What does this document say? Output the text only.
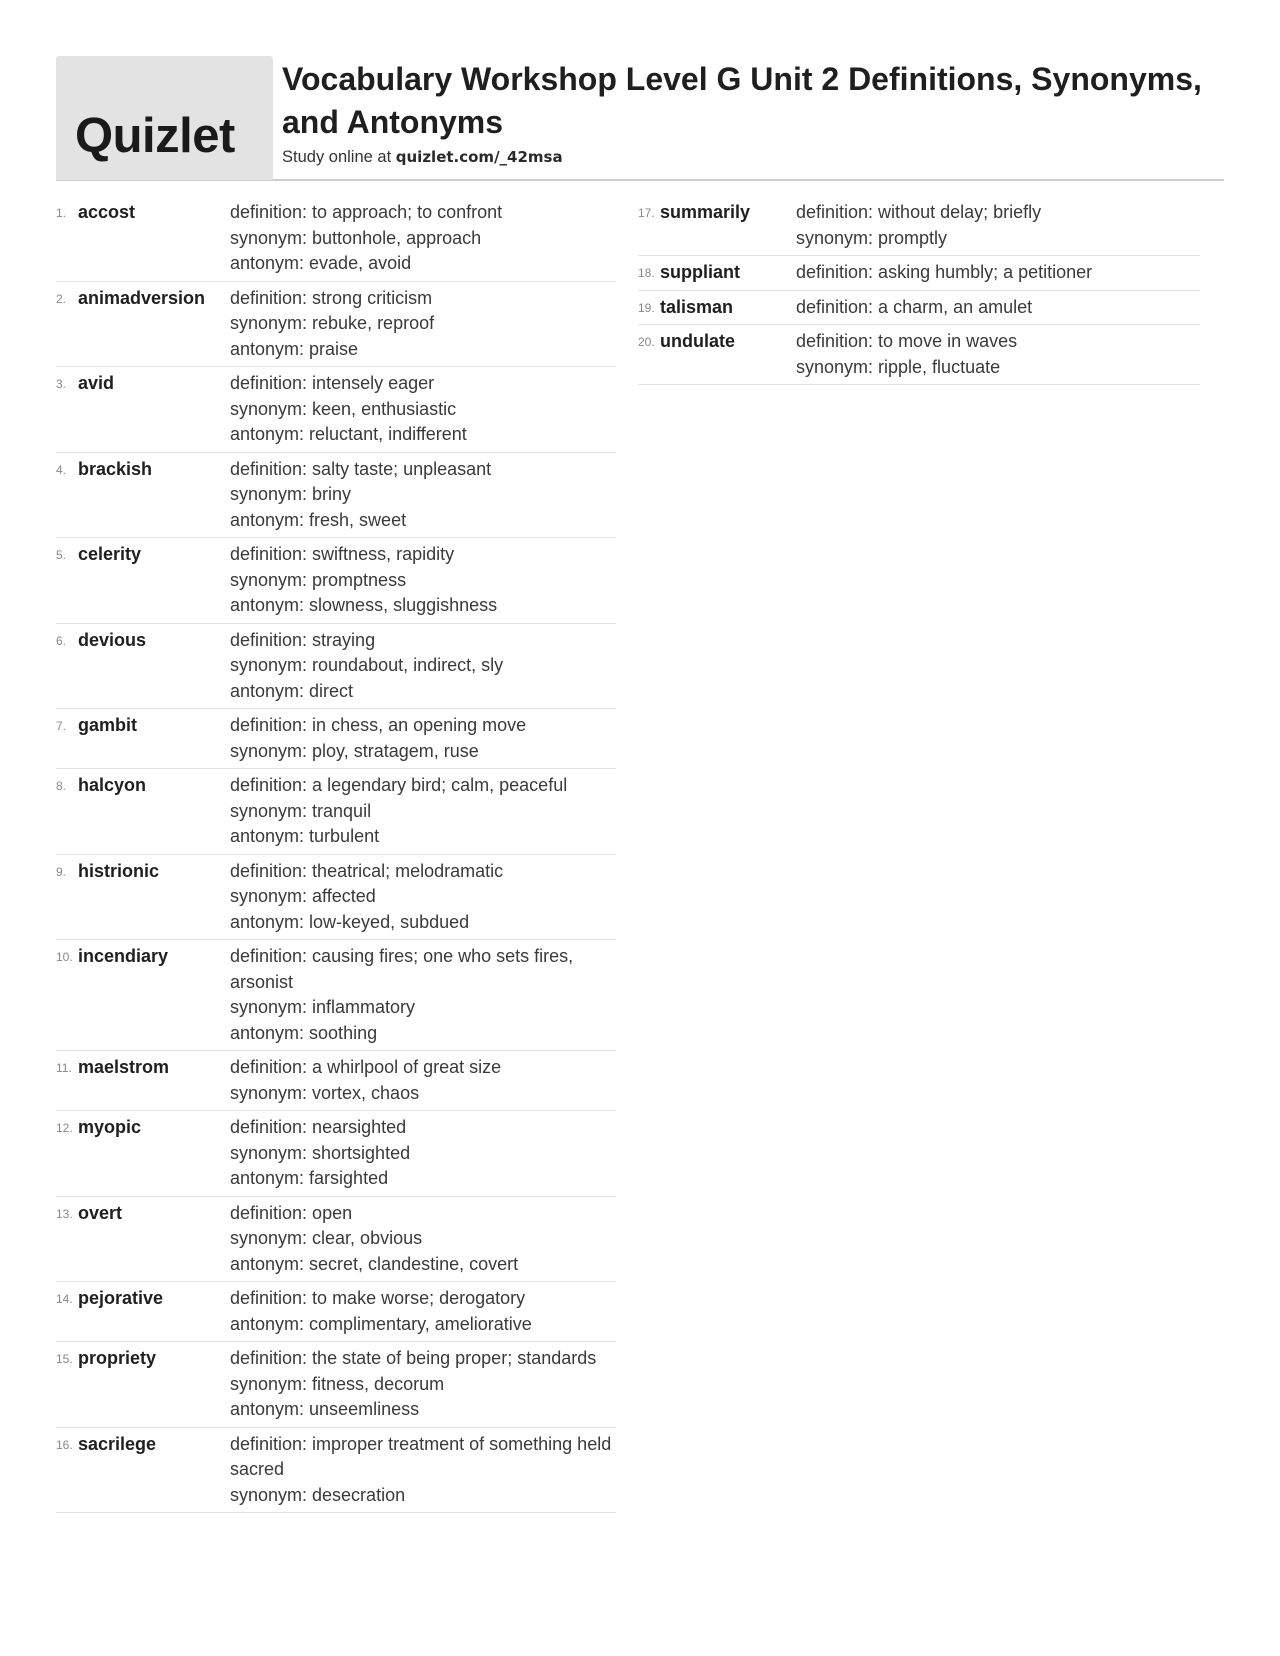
Quizlet
Vocabulary Workshop Level G Unit 2 Definitions, Synonyms, and Antonyms
Study online at quizlet.com/_42msa
1. accost	definition: to approach; to confront
synonym: buttonhole, approach
antonym: evade, avoid
2. animadversion	definition: strong criticism
synonym: rebuke, reproof
antonym: praise
3. avid	definition: intensely eager
synonym: keen, enthusiastic
antonym: reluctant, indifferent
4. brackish	definition: salty taste; unpleasant
synonym: briny
antonym: fresh, sweet
5. celerity	definition: swiftness, rapidity
synonym: promptness
antonym: slowness, sluggishness
6. devious	definition: straying
synonym: roundabout, indirect, sly
antonym: direct
7. gambit	definition: in chess, an opening move
synonym: ploy, stratagem, ruse
8. halcyon	definition: a legendary bird; calm, peaceful
synonym: tranquil
antonym: turbulent
9. histrionic	definition: theatrical; melodramatic
synonym: affected
antonym: low-keyed, subdued
10. incendiary	definition: causing fires; one who sets fires, arsonist
synonym: inflammatory
antonym: soothing
11. maelstrom	definition: a whirlpool of great size
synonym: vortex, chaos
12. myopic	definition: nearsighted
synonym: shortsighted
antonym: farsighted
13. overt	definition: open
synonym: clear, obvious
antonym: secret, clandestine, covert
14. pejorative	definition: to make worse; derogatory
antonym: complimentary, ameliorative
15. propriety	definition: the state of being proper; standards
synonym: fitness, decorum
antonym: unseemliness
16. sacrilege	definition: improper treatment of something held sacred
synonym: desecration
17. summarily	definition: without delay; briefly
synonym: promptly
18. suppliant	definition: asking humbly; a petitioner
19. talisman	definition: a charm, an amulet
20. undulate	definition: to move in waves
synonym: ripple, fluctuate
